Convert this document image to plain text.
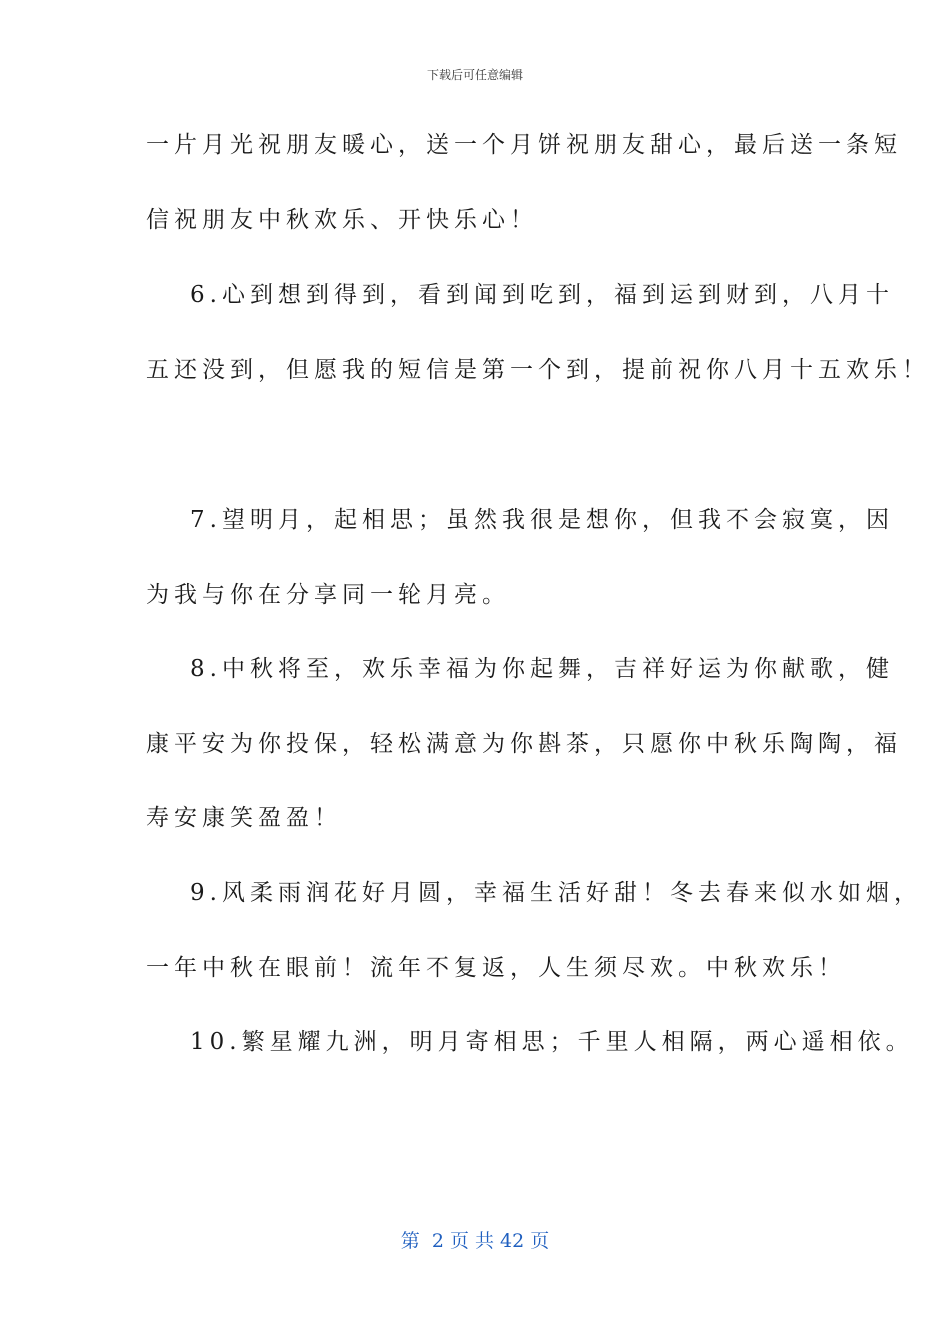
下载后可任意编辑
一片月光祝朋友暖心，送一个月饼祝朋友甜心，最后送一条短
信祝朋友中秋欢乐、开快乐心！
6.心到想到得到，看到闻到吃到，福到运到财到，八月十
五还没到，但愿我的短信是第一个到，提前祝你八月十五欢乐！
7.望明月，起相思；虽然我很是想你，但我不会寂寞，因
为我与你在分享同一轮月亮。
8.中秋将至，欢乐幸福为你起舞，吉祥好运为你献歌，健
康平安为你投保，轻松满意为你斟茶，只愿你中秋乐陶陶，福
寿安康笑盈盈！
9.风柔雨润花好月圆，幸福生活好甜！冬去春来似水如烟，
一年中秋在眼前！流年不复返，人生须尽欢。中秋欢乐！
10.繁星耀九洲，明月寄相思；千里人相隔，两心遥相依。
第  2 页 共 42 页
